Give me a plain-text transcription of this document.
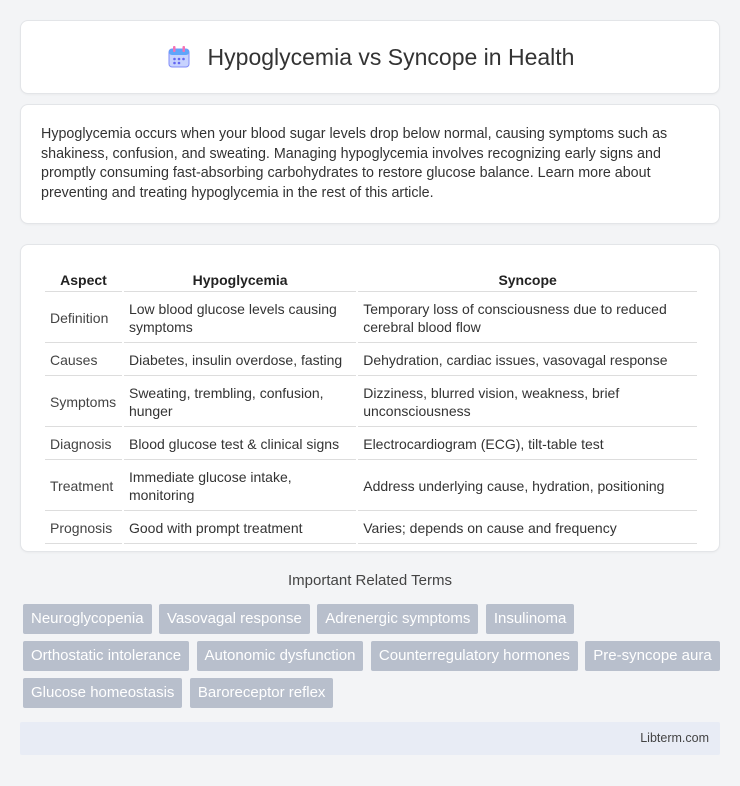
Hypoglycemia vs Syncope in Health

Hypoglycemia occurs when your blood sugar levels drop below normal, causing symptoms such as shakiness, confusion, and sweating. Managing hypoglycemia involves recognizing early signs and promptly consuming fast-absorbing carbohydrates to restore glucose balance. Learn more about preventing and treating hypoglycemia in the rest of this article.

Aspect	Hypoglycemia	Syncope
Definition	Low blood glucose levels causing symptoms	Temporary loss of consciousness due to reduced cerebral blood flow
Causes	Diabetes, insulin overdose, fasting	Dehydration, cardiac issues, vasovagal response
Symptoms	Sweating, trembling, confusion, hunger	Dizziness, blurred vision, weakness, brief unconsciousness
Diagnosis	Blood glucose test & clinical signs	Electrocardiogram (ECG), tilt-table test
Treatment	Immediate glucose intake, monitoring	Address underlying cause, hydration, positioning
Prognosis	Good with prompt treatment	Varies; depends on cause and frequency
Important Related Terms
Neuroglycopenia Vasovagal response Adrenergic symptoms Insulinoma Orthostatic intolerance Autonomic dysfunction Counterregulatory hormones Pre-syncope aura Glucose homeostasis Baroreceptor reflex
Libterm.com
